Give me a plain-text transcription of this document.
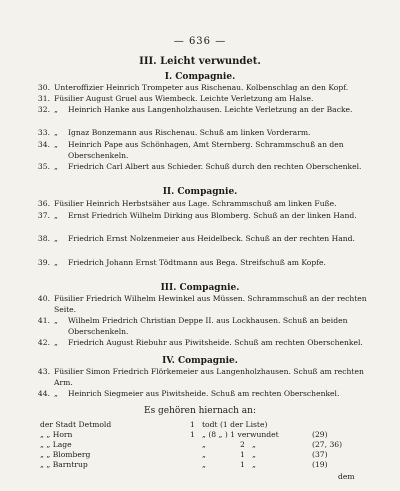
— 636 —
III. Leicht verwundet.
I. Compagnie.
30. Unteroffizier Heinrich Trompeter aus Rischenau. Kolbenschlag an den Kopf.
31. Füsilier August Gruel aus Wiembeck. Leichte Verletzung am Halse.
32. „	Heinrich Hanke aus Langenholzhausen. Leichte Verletzung an der Backe.
33. „	Ignaz Bonzemann aus Rischenau. Schuß am linken Vorderarm.
34. „	Heinrich Pape aus Schönhagen, Amt Sternberg. Schrammschuß an den Oberschenkeln.
35. „	Friedrich Carl Albert aus Schieder. Schuß durch den rechten Oberschenkel.
II. Compagnie.
36. Füsilier Heinrich Herbstsäher aus Lage. Schrammschuß am linken Fuße.
37. „	Ernst Friedrich Wilhelm Dirking aus Blomberg. Schuß an der linken Hand.
38. „	Friedrich Ernst Nolzenmeier aus Heidelbeck. Schuß an der rechten Hand.
39. „	Friedrich Johann Ernst Tödtmann aus Bega. Streifschuß am Kopfe.
III. Compagnie.
40. Füsilier Friedrich Wilhelm Hewinkel aus Müssen. Schrammschuß an der rechten Seite.
41. „	Wilhelm Friedrich Christian Deppe II. aus Lockhausen. Schuß an beiden Oberschenkeln.
42. „	Friedrich August Riebuhr aus Piwitsheide. Schuß am rechten Oberschenkel.
IV. Compagnie.
43. Füsilier Simon Friedrich Flörkemeier aus Langenholzhausen. Schuß am rechten Arm.
44. „	Heinrich Siegmeier aus Piwitsheide. Schuß am rechten Oberschenkel.
Es gehören hiernach an:
der Stadt Detmold	1 todt (1 der Liste)
„ „ Horn	1 „ (8 „ ) 1 verwundet	(29)
„ „ Lage	„	2 „	(27, 36)
„ „ Blomberg	„	1 „	(37)
„ „ Barntrup	„	1 „	(19)
dem
